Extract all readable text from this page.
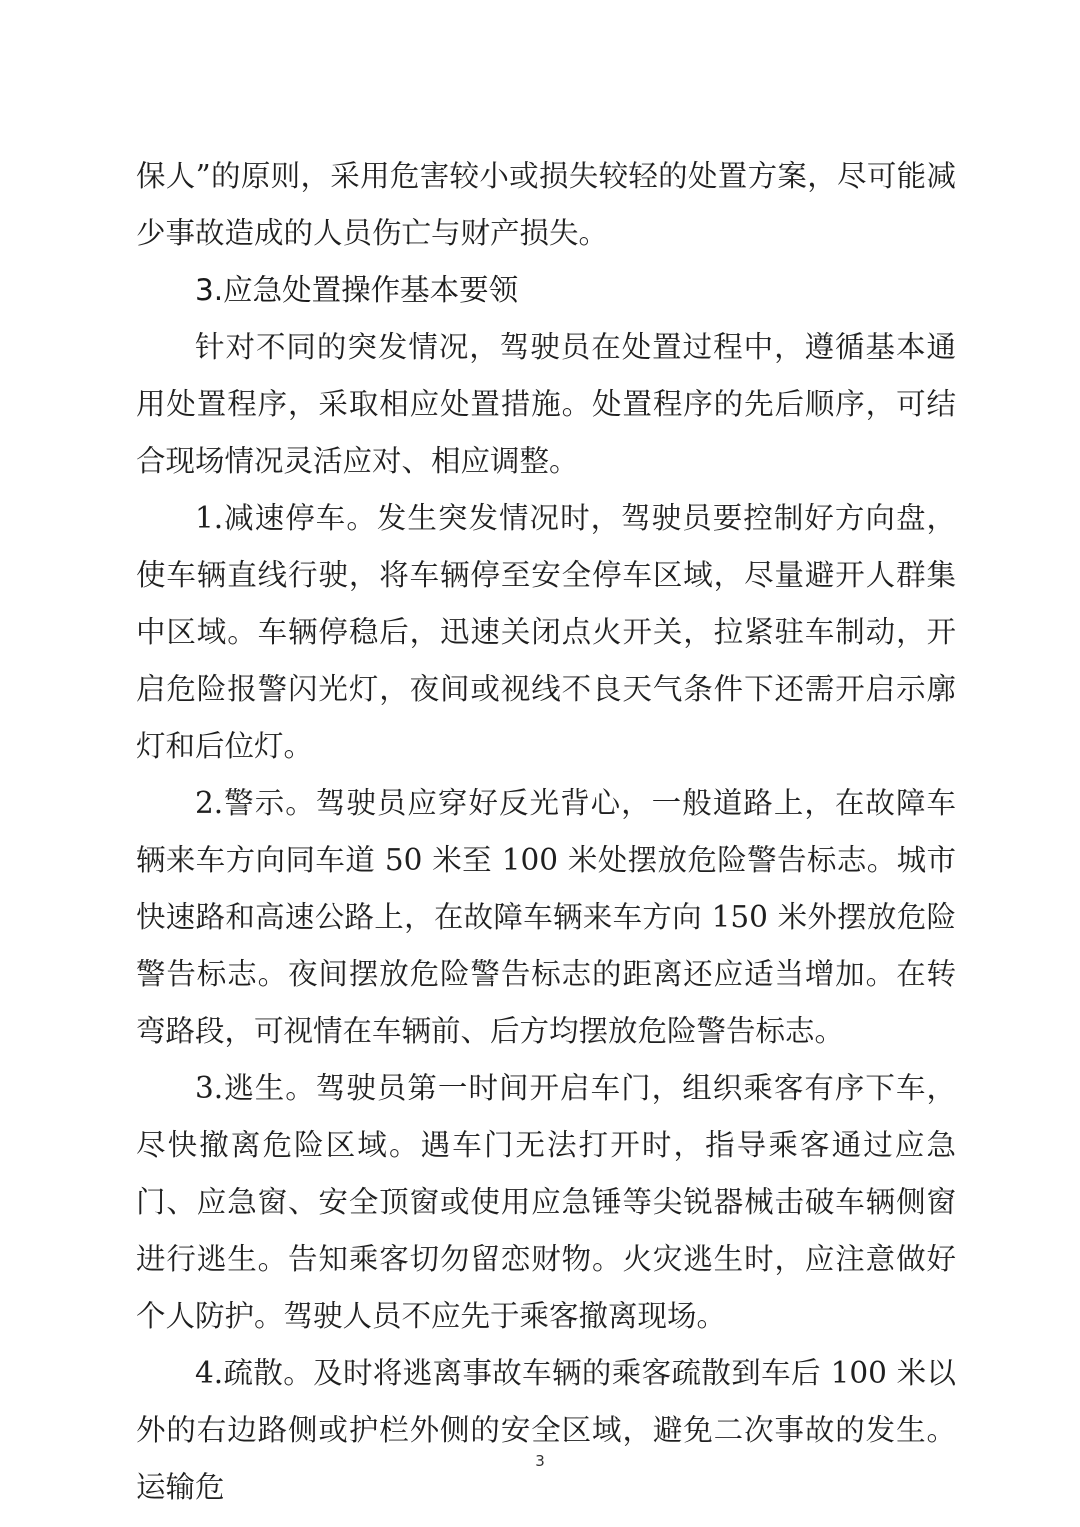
保人”的原则，采用危害较小或损失较轻的处置方案，尽可能减少事故造成的人员伤亡与财产损失。

3.应急处置操作基本要领

针对不同的突发情况，驾驶员在处置过程中，遵循基本通用处置程序，采取相应处置措施。处置程序的先后顺序，可结合现场情况灵活应对、相应调整。

1.减速停车。发生突发情况时，驾驶员要控制好方向盘，使车辆直线行驶，将车辆停至安全停车区域，尽量避开人群集中区域。车辆停稳后，迅速关闭点火开关，拉紧驻车制动，开启危险报警闪光灯，夜间或视线不良天气条件下还需开启示廓灯和后位灯。

2.警示。驾驶员应穿好反光背心，一般道路上，在故障车辆来车方向同车道 50 米至 100 米处摆放危险警告标志。城市快速路和高速公路上，在故障车辆来车方向 150 米外摆放危险警告标志。夜间摆放危险警告标志的距离还应适当增加。在转弯路段，可视情在车辆前、后方均摆放危险警告标志。

3.逃生。驾驶员第一时间开启车门，组织乘客有序下车，尽快撤离危险区域。遇车门无法打开时，指导乘客通过应急门、应急窗、安全顶窗或使用应急锤等尖锐器械击破车辆侧窗进行逃生。告知乘客切勿留恋财物。火灾逃生时，应注意做好个人防护。驾驶人员不应先于乘客撤离现场。

4.疏散。及时将逃离事故车辆的乘客疏散到车后 100 米以外的右边路侧或护栏外侧的安全区域，避免二次事故的发生。运输危

3
